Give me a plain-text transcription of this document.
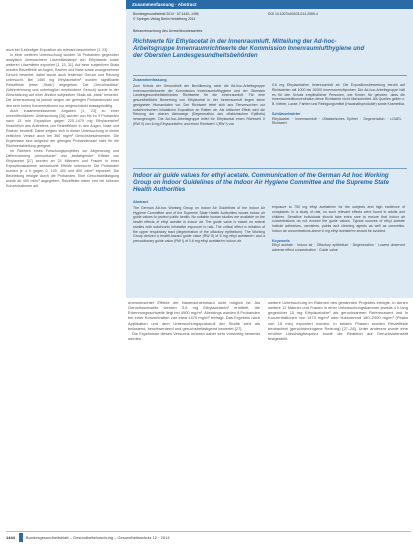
auch bei 5-stündiger Exposition als relevant beschrieben [1, 23].

In einer weiteren Untersuchung wurden 16 Probanden gegenüber analytisch überwachtem Lösemitteldampf von Ethylacetat sowie weiteren Lösemitteln exponiert [1, 23, 31]. Auf einer subjektiven Skala wurden Reizeffekte an Augen, Rachen und Nase sowie unangenehmer Geruch bewertet; dabei wurde auch fehlender Geruch und Reizung untersucht. Bei 1460 mg Ethylacetat/m³ wurden signifikante Reizeffekte (etwa „Stark“) angegeben. Die „Geruchsstärke“ (Wahrnehmung und unbehaglich empfundene Geruch) wurde in der Einschätzung auf einer ähnlich subjektiven Skala als „stark“ bewertet. Die Untersuchung ist jedoch wegen der geringen Probandenzahl und den sehr hohen Konzentrationen nur eingeschränkt aussagekräftig.

Auch zusammenfassende Angaben [1, 23] zu einer unveröffentlichten Untersuchung [26] wurden von bis zu 9 Probanden nach 15 min Exposition gegen 220–1470 mg Ethylacetat/m³ hinsichtlich des Auftretens von Reizeffekten in den Augen, Nase und Rachen beurteilt. Dabei zeigten sich in dieser Untersuchung in einem zeitlichen Verlauf auch bei 360 mg/m³ Geruchsbeschwerden. Die Ergebnisse sind aufgrund der geringen Probandenzahl nicht für die Richtwertableitung geeignet.

Im Rahmen eines Forschungsprojektes zur Abgrenzung und Differenzierung „sensorischer“ und „belästigender“ Effekte von Ethylacetat [27] wurden an 24 Männern und Frauen in einer Expositionskammer sensorische Effekte untersucht. Die Probanden wurden je 4 h gegen 0, 100, 400 und 800 ml/m³ exponiert. Die Beurteilung erfolgte durch die Probanden. Eine Geruchsbelästigung wurde ab 400 ml/m³ angegeben, Reizeffekte traten erst bei höheren Konzentrationen auf.

Zusammenfassung · Abstract
Bundesgesundheitsbl 2014 · 57:1440–1456
© Springer-Verlag Berlin Heidelberg 2014
DOI 10.1007/s00103-014-2069-4
Bekanntmachung des Umweltbundesamtes
Richtwerte für Ethylacetat in der Innenraumluft. Mitteilung der Ad-hoc-Arbeitsgruppe Innenraumrichtwerte der Kommission Innenraumlufthygiene und der Obersten Landesgesundheitsbehörden
Zusammenfassung
Zum Schutz der Gesundheit der Bevölkerung setzt die Ad-hoc-Arbeitsgruppe Innenraumrichtwerte der Kommission Innenraumlufthygiene und der Obersten Landesgesundheitsbehörden Richtwerte für die Innenraumluft. Für eine gesundheitliche Bewertung von Ethylacetat in der Innenraumluft liegen keine geeigneten Humandaten vor. Der Richtwert leitet sich aus Tierversuchen zur subchronischen inhalativen Exposition an Ratten ab. Als kritischer Effekt wird die Reizung der oberen Atemwege (Degeneration des olfaktorischen Epithels) herangezogen. Die Ad-hoc-Arbeitsgruppe leitet für Ethylacetat einen Richtwert II (RW II) von 6 mg Ethylacetat/m³ und einen Richtwert I (RW I) von
0,6 mg Ethylacetat/m³ Innenraumluft ab. Die Expositionsbewertung beruht auf Richtwerten mit 1000 bis 10000 Innenraumluftproben. Die Ad-hoc-Arbeitsgruppe hält es für den Schutz empfindlicher Personen, wie Kinder, für geboten, dass die Innenraumluftkonzentration diese Richtwerte nicht überschreitet. Als Quellen gelten z. B. Kleber, Lacke, Farben und Reinigungsmittel (Haushaltsprodukte) sowie Kosmetika.
Schlüsselwörter
Ethylacetat · Innenraumluft · Olfaktorisches Epithel · Degeneration · LOAEL · Richtwert
Indoor air guide values for ethyl acetate. Communication of the German Ad hoc Working Group on Indoor Guidelines of the Indoor Air Hygiene Committee and the Supreme State Health Authorities
Abstract
The German Ad-hoc Working Group on Indoor Air Guidelines of the Indoor Air Hygiene Committee and of the Supreme State Health Authorities issues indoor air guide values to protect public health. No suitable human studies are available on the health effects of ethyl acetate in indoor air. The guide value is based on animal studies with subchronic inhalative exposure in rats. The critical effect is irritation of the upper respiratory tract (degeneration of the olfactory epithelium). The Working Group derived a health-hazard guide value (RW II) of 6 mg ethyl acetate/m³ and a precautionary guide value (RW I) of 0.6 mg ethyl acetate/m³ indoor air.
exposure to 750 mg ethyl acetate/m³ for the subjects and high incidence of complaints. In a study of rats, no such relevant effects were found in adults and children. Sensitive individuals should take extra care to ensure that indoor air concentrations do not exceed the guide values. Typical sources of ethyl acetate include adhesives, varnishes, paints and cleaning agents as well as cosmetics. Indoor air concentrations above 6 mg ethyl acetate/m³ should be avoided.
Keywords
Ethyl acetate · Indoor air · Olfactory epithelium · Degeneration · Lowest observed adverse effect concentration · Guide value
unerwünschter Effekte der Nasenschleimhaut nicht möglich ist. Als Geruchsschwelle werden 3,6 mg Ethylacetat/m³ ermittelt, die Erkennungsschwelle liegt bei 4500 mg/m³. Allerdings wurden 8 Probanden bei einer Konzentration von etwa 1470 mg/m³ befragt. Das Ergebnis nach Applikation und dem Untersuchungsprotokoll der Studie wird als belastend, beschwerdend und geruchsbelästigend bewertet [27].
Die Ergebnisse dieses Versuchs müssen daher sehr vorsichtig bewertet werden.
weitere Untersuchung im Rahmen des genannten Projektes erfolgte, in denen weitere 12 Männer und Frauen in einer Untersuchungskammer jeweils 4 h lang gegenüber 10 mg Ethylacetat/m³ als geruchsarmen Referenzwert und in Konzentrationen von 1470 mg/m³ oder fluktuierend 180–2900 mg/m³ (Peaks von 15 min) exponiert wurden. In beiden Phasen wurden Reizeffekte beobachtet (geruchsbezogene Reizung) [27–28]. Unter anderem wurde eine erhöhte Lidschlagfrequenz sowie die Reaktion auf Geruchsintensität festgestellt.
1444	Bundesgesundheitsblatt – Gesundheitsforschung – Gesundheitsschutz 12 · 2014
